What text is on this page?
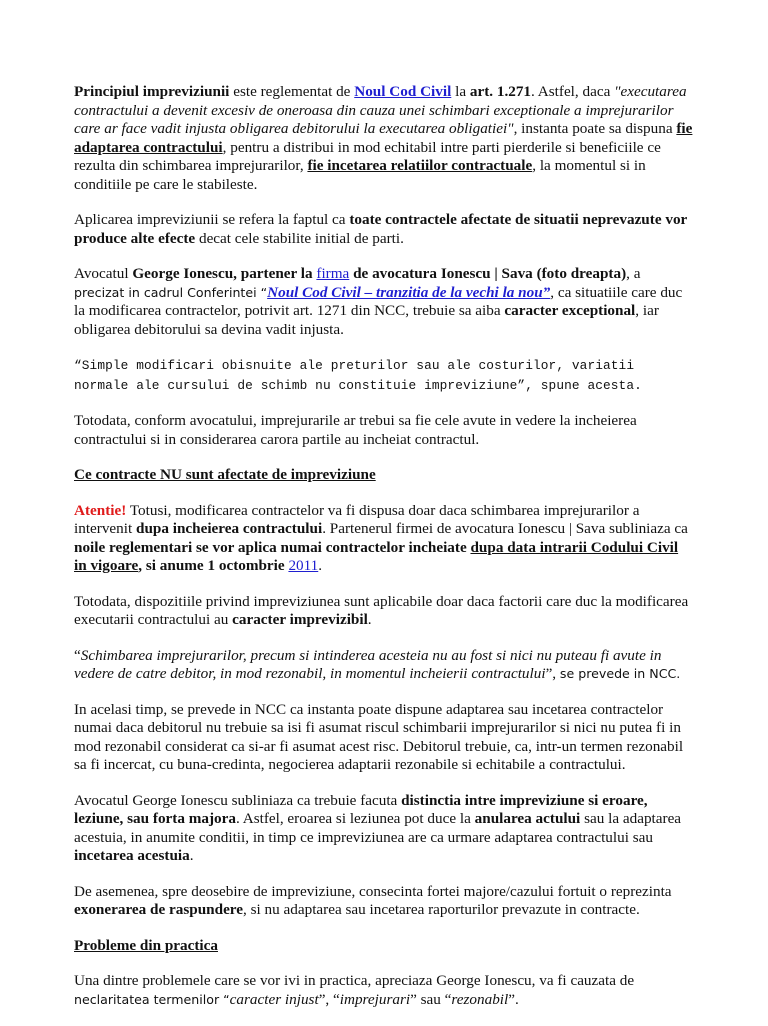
Principiul impreviziunii este reglementat de Noul Cod Civil la art. 1.271. Astfel, daca "executarea contractului a devenit excesiv de oneroasa din cauza unei schimbari exceptionale a imprejurarilor care ar face vadit injusta obligarea debitorului la executarea obligatiei", instanta poate sa dispuna fie adaptarea contractului, pentru a distribui in mod echitabil intre parti pierderile si beneficiile ce rezulta din schimbarea imprejurarilor, fie incetarea relatiilor contractuale, la momentul si in conditiile pe care le stabileste.

Aplicarea impreviziunii se refera la faptul ca toate contractele afectate de situatii neprevazute vor produce alte efecte decat cele stabilite initial de parti.

Avocatul George Ionescu, partener la firma de avocatura Ionescu | Sava (foto dreapta), a precizat in cadrul Conferintei “Noul Cod Civil – tranzitia de la vechi la nou”, ca situatiile care duc la modificarea contractelor, potrivit art. 1271 din NCC, trebuie sa aiba caracter exceptional, iar obligarea debitorului sa devina vadit injusta.

“Simple modificari obisnuite ale preturilor sau ale costurilor, variatii normale ale cursului de schimb nu constituie impreviziune”, spune acesta.

Totodata, conform avocatului, imprejurarile ar trebui sa fie cele avute in vedere la incheierea contractului si in considerarea carora partile au incheiat contractul.

Ce contracte NU sunt afectate de impreviziune

Atentie! Totusi, modificarea contractelor va fi dispusa doar daca schimbarea imprejurarilor a intervenit dupa incheierea contractului. Partenerul firmei de avocatura Ionescu | Sava subliniaza ca noile reglementari se vor aplica numai contractelor incheiate dupa data intrarii Codului Civil in vigoare, si anume 1 octombrie 2011.

Totodata, dispozitiile privind impreviziunea sunt aplicabile doar daca factorii care duc la modificarea executarii contractului au caracter imprevizibil.

“Schimbarea imprejurarilor, precum si intinderea acesteia nu au fost si nici nu puteau fi avute in vedere de catre debitor, in mod rezonabil, in momentul incheierii contractului”, se prevede in NCC.

In acelasi timp, se prevede in NCC ca instanta poate dispune adaptarea sau incetarea contractelor numai daca debitorul nu trebuie sa isi fi asumat riscul schimbarii imprejurarilor si nici nu putea fi in mod rezonabil considerat ca si-ar fi asumat acest risc. Debitorul trebuie, ca, intr-un termen rezonabil sa fi incercat, cu buna-credinta, negocierea adaptarii rezonabile si echitabile a contractului.

Avocatul George Ionescu subliniaza ca trebuie facuta distinctia intre impreviziune si eroare, leziune, sau forta majora. Astfel, eroarea si leziunea pot duce la anularea actului sau la adaptarea acestuia, in anumite conditii, in timp ce impreviziunea are ca urmare adaptarea contractului sau incetarea acestuia.

De asemenea, spre deosebire de impreviziune, consecinta fortei majore/cazului fortuit o reprezinta exonerarea de raspundere, si nu adaptarea sau incetarea raporturilor prevazute in contracte.

Probleme din practica

Una dintre problemele care se vor ivi in practica, apreciaza George Ionescu, va fi cauzata de neclaritatea termenilor “caracter injust”, “imprejurari” sau “rezonabil”.
